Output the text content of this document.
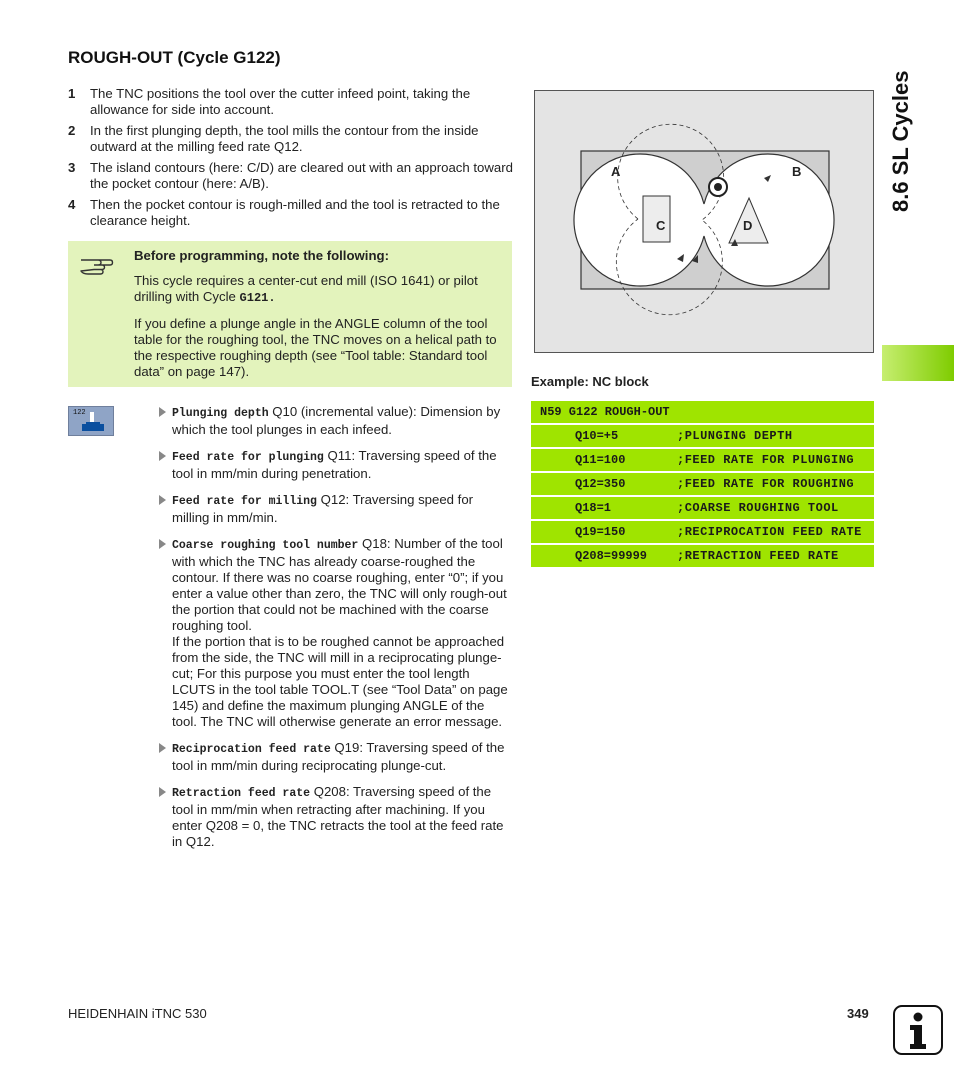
ROUGH-OUT (Cycle G122)
1	The TNC positions the tool over the cutter infeed point, taking the allowance for side into account.
2	In the first plunging depth, the tool mills the contour from the inside outward at the milling feed rate Q12.
3	The island contours (here: C/D) are cleared out with an approach toward the pocket contour (here: A/B).
4	Then the pocket contour is rough-milled and the tool is retracted to the clearance height.

Before programming, note the following:

This cycle requires a center-cut end mill (ISO 1641) or pilot drilling with Cycle G121.

If you define a plunge angle in the ANGLE column of the tool table for the roughing tool, the TNC moves on a helical path to the respective roughing depth (see “Tool table: Standard tool data” on page 147).

122	Plunging depth Q10 (incremental value): Dimension by which the tool plunges in each infeed.
Feed rate for plunging Q11: Traversing speed of the tool in mm/min during penetration.
Feed rate for milling Q12: Traversing speed for milling in mm/min.
Coarse roughing tool number Q18: Number of the tool with which the TNC has already coarse-roughed the contour. If there was no coarse roughing, enter “0”; if you enter a value other than zero, the TNC will only rough-out the portion that could not be machined with the coarse roughing tool.
If the portion that is to be roughed cannot be approached from the side, the TNC will mill in a reciprocating plunge-cut; For this purpose you must enter the tool length LCUTS in the tool table TOOL.T (see “Tool Data” on page 145) and define the maximum plunging ANGLE of the tool. The TNC will otherwise generate an error message.
Reciprocation feed rate Q19: Traversing speed of the tool in mm/min during reciprocating plunge-cut.
Retraction feed rate Q208: Traversing speed of the tool in mm/min when retracting after machining. If you enter Q208 = 0, the TNC retracts the tool at the feed rate in Q12.
A	B
C	D
Example: NC block
N59 G122 ROUGH-OUT
Q10=+5	;PLUNGING DEPTH
Q11=100	;FEED RATE FOR PLUNGING
Q12=350	;FEED RATE FOR ROUGHING
Q18=1	;COARSE ROUGHING TOOL
Q19=150	;RECIPROCATION FEED RATE
Q208=99999 ;RETRACTION FEED RATE
8.6 SL Cycles
HEIDENHAIN iTNC 530	349
